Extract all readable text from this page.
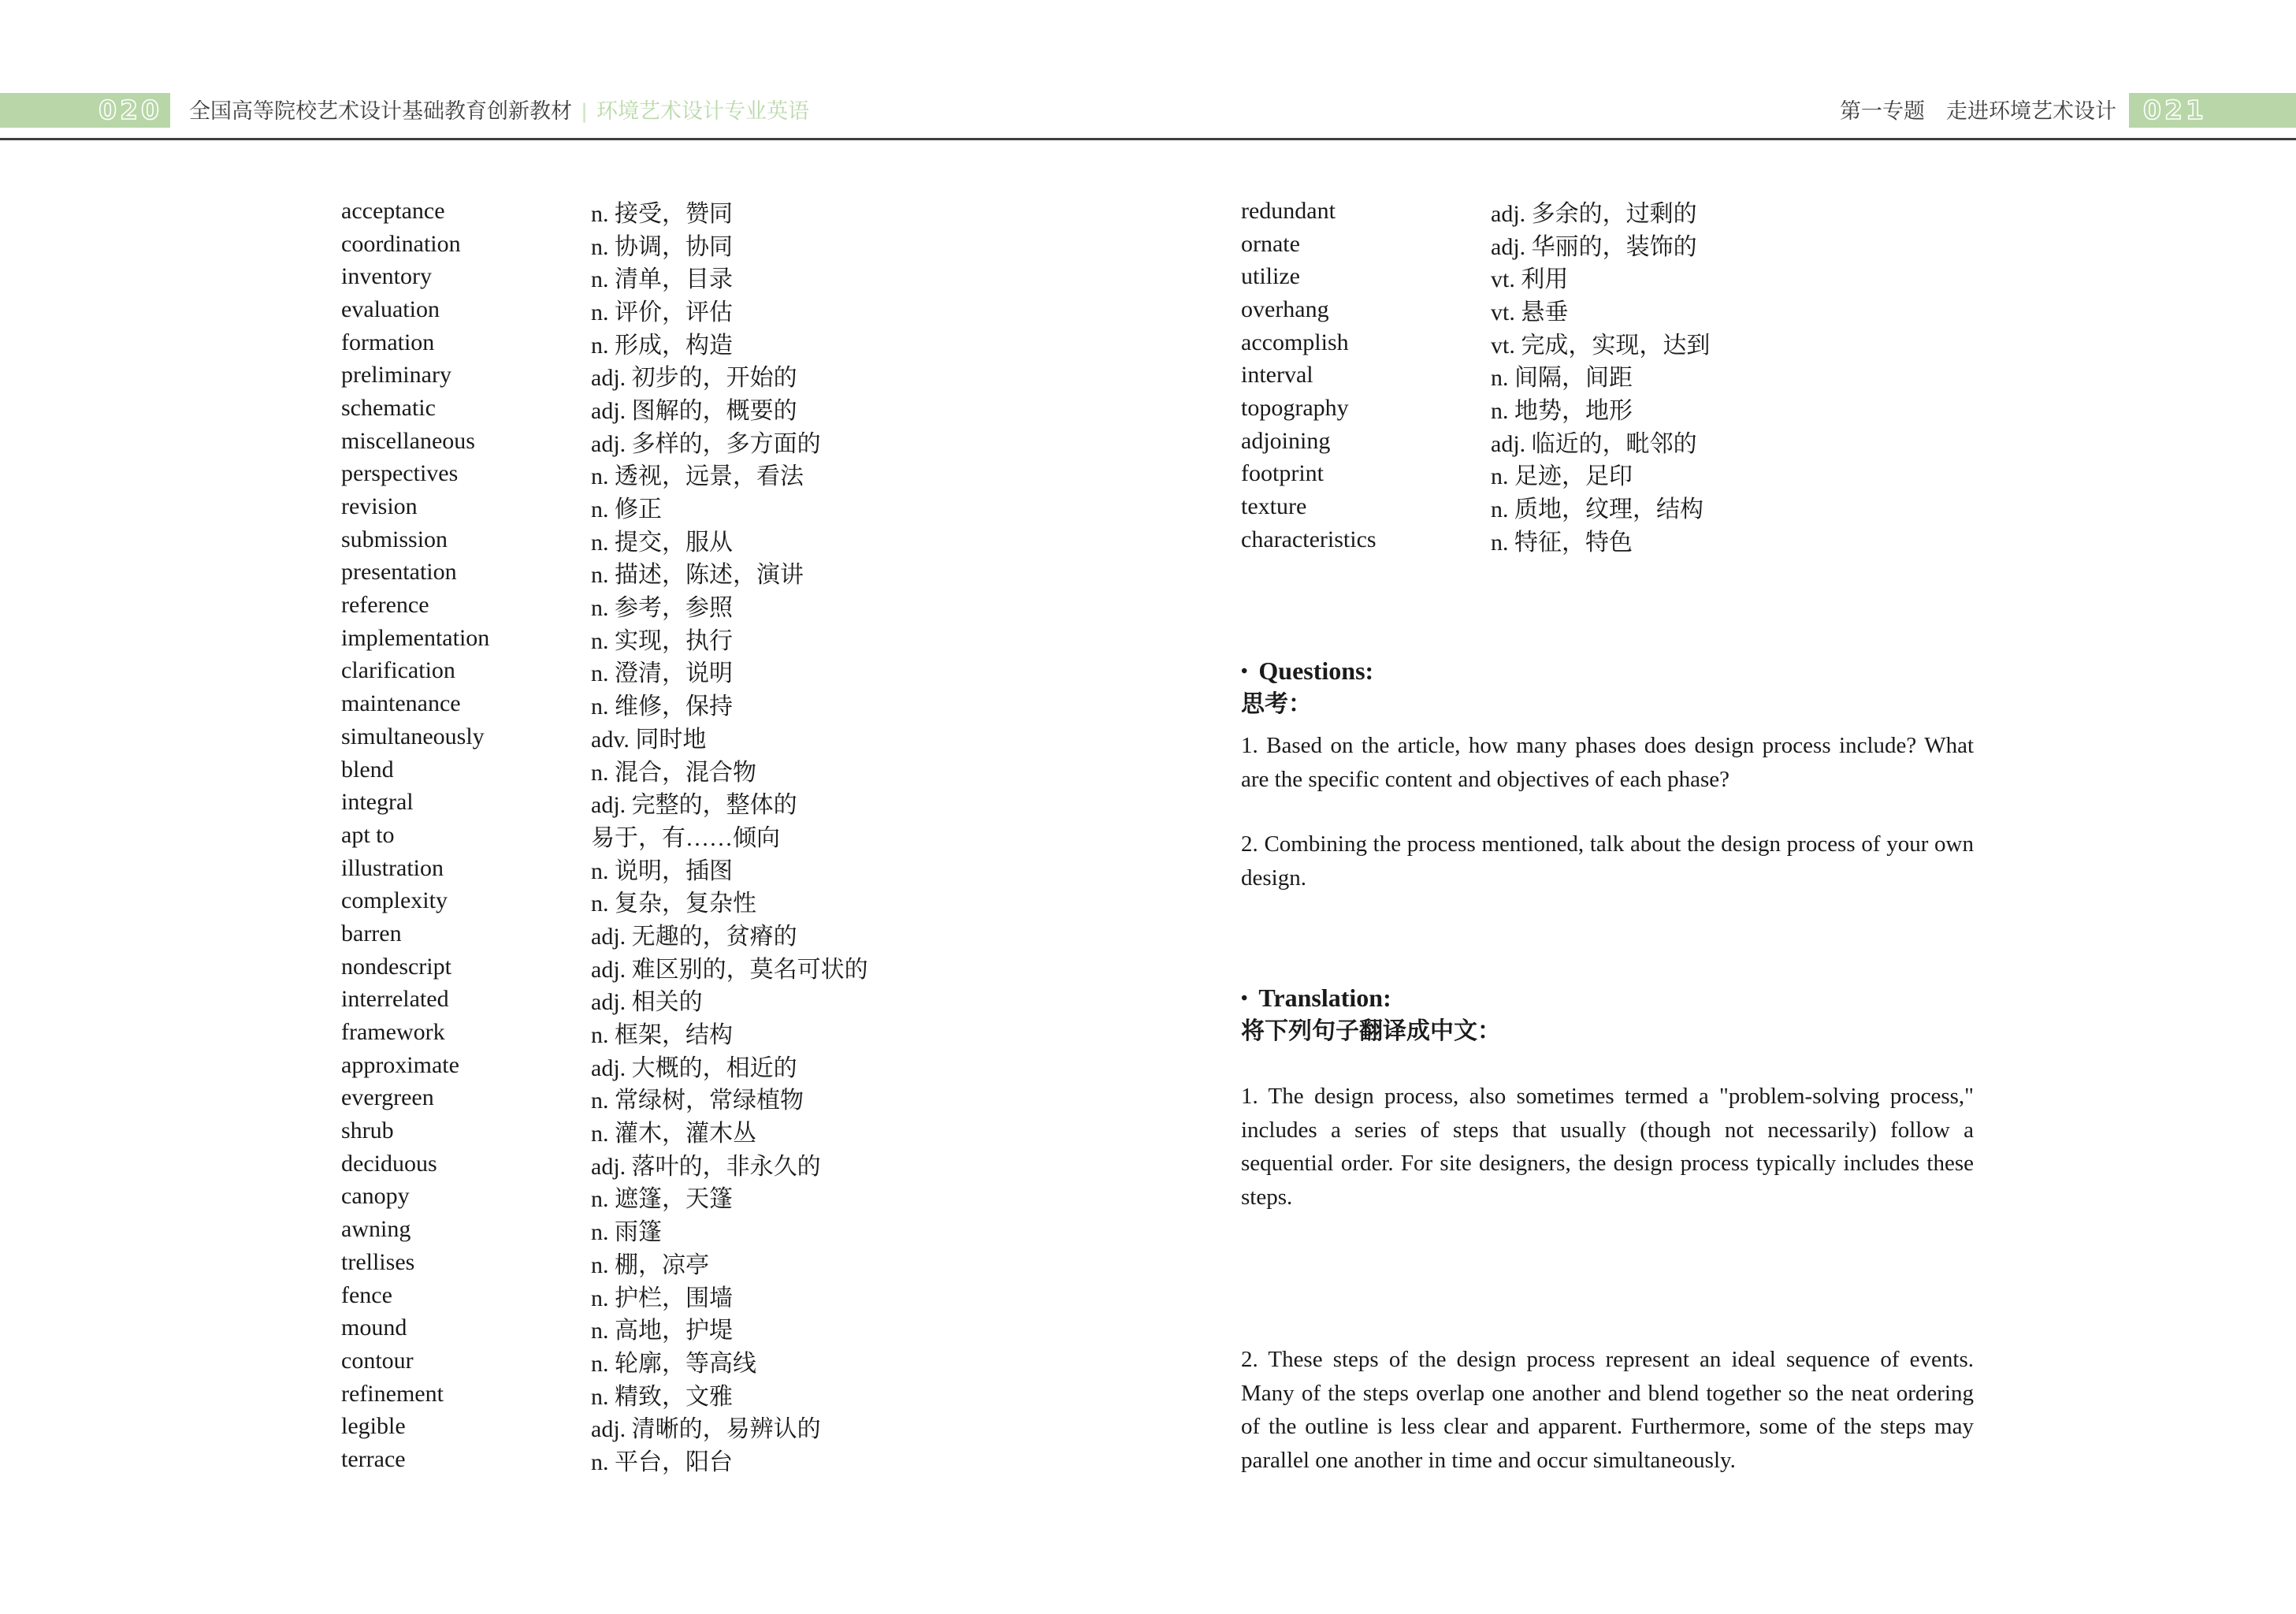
020	全国高等院校艺术设计基础教育创新教材 | 环境艺术设计专业英语	第一专题　走进环境艺术设计	021
acceptance	n. 接受，赞同
coordination	n. 协调，协同
inventory	n. 清单，目录
evaluation	n. 评价，评估
formation	n. 形成，构造
preliminary	adj. 初步的，开始的
schematic	adj. 图解的，概要的
miscellaneous	adj. 多样的，多方面的
perspectives	n. 透视，远景，看法
revision	n. 修正
submission	n. 提交，服从
presentation	n. 描述，陈述，演讲
reference	n. 参考，参照
implementation	n. 实现，执行
clarification	n. 澄清，说明
maintenance	n. 维修，保持
simultaneously	adv. 同时地
blend	n. 混合，混合物
integral	adj. 完整的，整体的
apt to	易于，有……倾向
illustration	n. 说明，插图
complexity	n. 复杂，复杂性
barren	adj. 无趣的，贫瘠的
nondescript	adj. 难区别的，莫名可状的
interrelated	adj. 相关的
framework	n. 框架，结构
approximate	adj. 大概的，相近的
evergreen	n. 常绿树，常绿植物
shrub	n. 灌木，灌木丛
deciduous	adj. 落叶的，非永久的
canopy	n. 遮篷，天篷
awning	n. 雨篷
trellises	n. 棚，凉亭
fence	n. 护栏，围墙
mound	n. 高地，护堤
contour	n. 轮廓，等高线
refinement	n. 精致，文雅
legible	adj. 清晰的，易辨认的
terrace	n. 平台，阳台
redundant	adj. 多余的，过剩的
ornate	adj. 华丽的，装饰的
utilize	vt. 利用
overhang	vt. 悬垂
accomplish	vt. 完成，实现，达到
interval	n. 间隔，间距
topography	n. 地势，地形
adjoining	adj. 临近的，毗邻的
footprint	n. 足迹，足印
texture	n. 质地，纹理，结构
characteristics	n. 特征，特色
• Questions:
思考：

1. Based on the article, how many phases does design process include? What are the specific content and objectives of each phase?

2. Combining the process mentioned, talk about the design process of your own design.

• Translation:
将下列句子翻译成中文：

1. The design process, also sometimes termed a "problem-solving process," includes a series of steps that usually (though not necessarily) follow a sequential order. For site designers, the design process typically includes these steps.

2. These steps of the design process represent an ideal sequence of events. Many of the steps overlap one another and blend together so the neat ordering of the outline is less clear and apparent. Furthermore, some of the steps may parallel one another in time and occur simultaneously.
